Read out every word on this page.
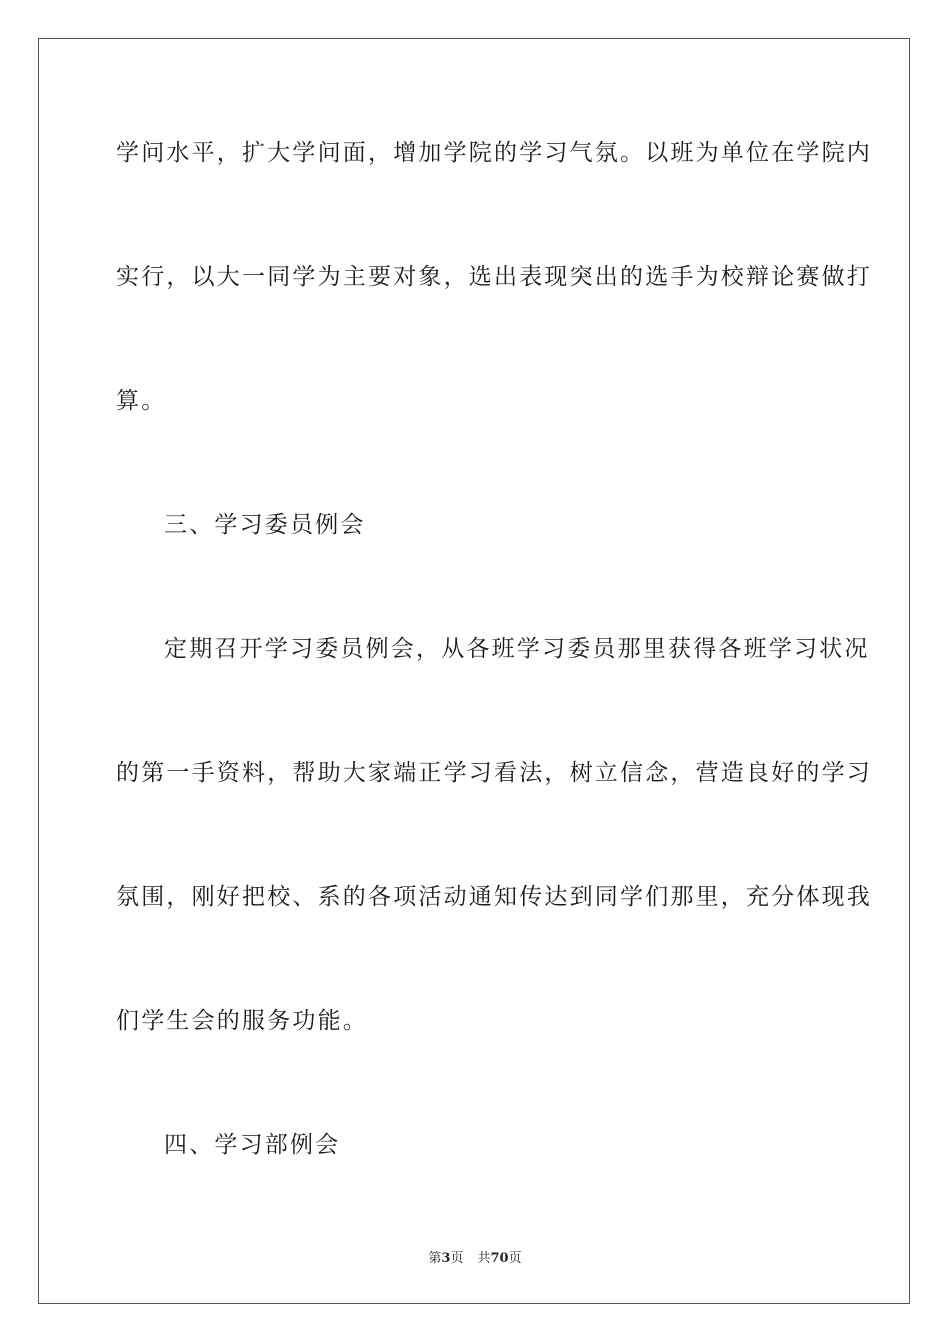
学问水平，扩大学问面，增加学院的学习气氛。以班为单位在学院内
实行，以大一同学为主要对象，选出表现突出的选手为校辩论赛做打
算。
三、学习委员例会
定期召开学习委员例会，从各班学习委员那里获得各班学习状况
的第一手资料，帮助大家端正学习看法，树立信念，营造良好的学习
氛围，刚好把校、系的各项活动通知传达到同学们那里，充分体现我
们学生会的服务功能。
四、学习部例会
第3页 共70页
